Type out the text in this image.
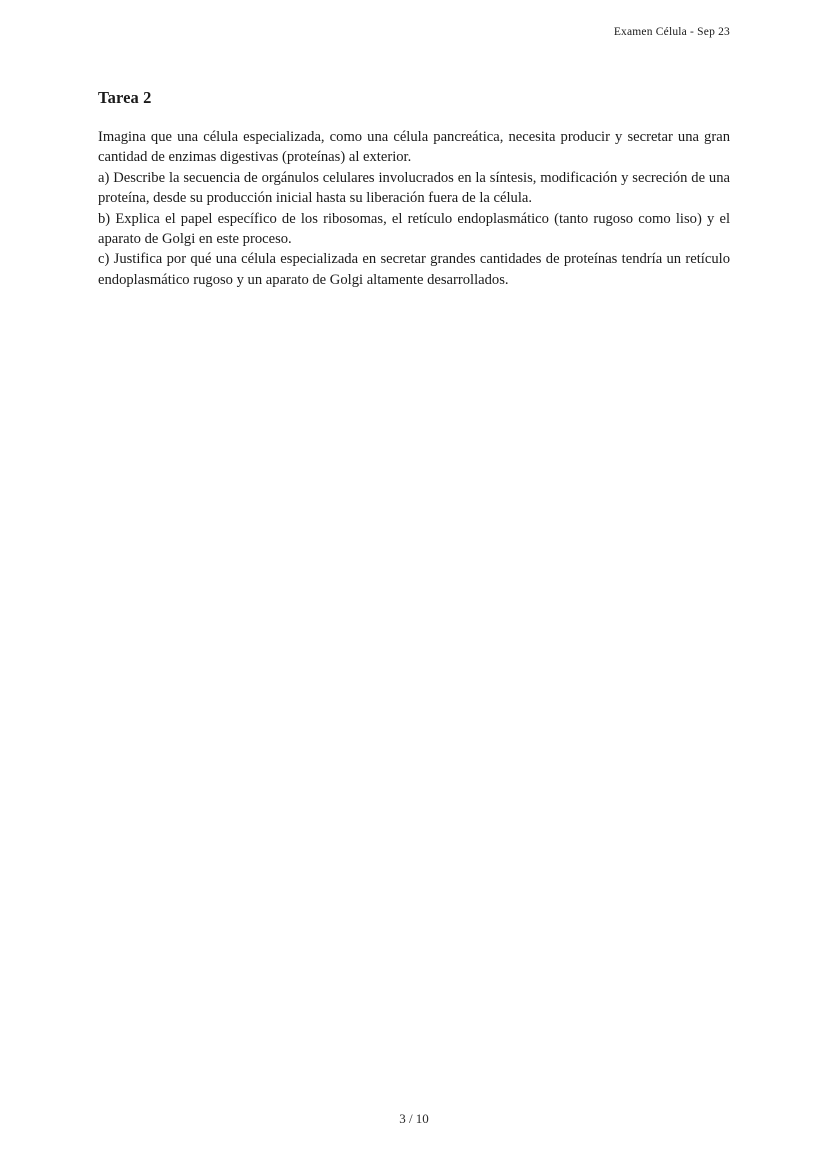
Examen Célula - Sep 23
Tarea 2

Imagina que una célula especializada, como una célula pancreática, necesita producir y secretar una gran cantidad de enzimas digestivas (proteínas) al exterior.

a) Describe la secuencia de orgánulos celulares involucrados en la síntesis, modificación y secreción de una proteína, desde su producción inicial hasta su liberación fuera de la célula.

b) Explica el papel específico de los ribosomas, el retículo endoplasmático (tanto rugoso como liso) y el aparato de Golgi en este proceso.

c) Justifica por qué una célula especializada en secretar grandes cantidades de proteínas tendría un retículo endoplasmático rugoso y un aparato de Golgi altamente desarrollados.

3 / 10
